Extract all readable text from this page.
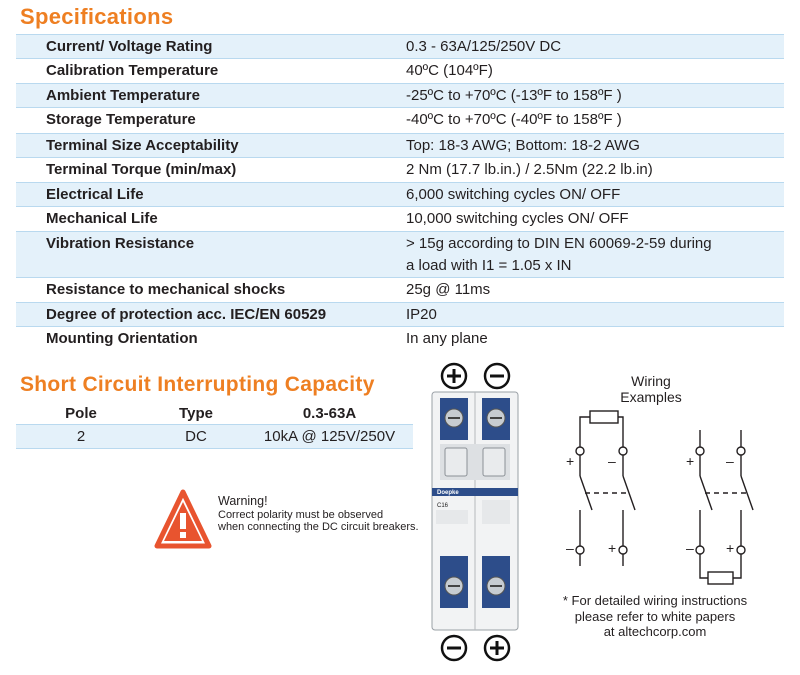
Specifications
Current/ Voltage Rating	0.3 - 63A/125/250V DC
Calibration Temperature	40ºC (104ºF)
Ambient Temperature	-25ºC to +70ºC (-13ºF to 158ºF )
Storage Temperature	-40ºC to +70ºC (-40ºF to 158ºF )
Terminal Size Acceptability	Top: 18-3 AWG; Bottom: 18-2 AWG
Terminal Torque (min/max)	2 Nm (17.7 lb.in.) / 2.5Nm (22.2 lb.in)
Electrical Life	6,000 switching cycles ON/ OFF
Mechanical Life	10,000 switching cycles ON/ OFF
Vibration Resistance	> 15g according to DIN EN 60069-2-59 during
a load with I1 = 1.05 x IN
Resistance to mechanical shocks	25g @ 11ms
Degree of protection acc. IEC/EN 60529	IP20
Mounting Orientation	In any plane
Short Circuit Interrupting Capacity
Pole	Type	0.3-63A
2	DC	10kA @ 125V/250V
Warning!
Correct polarity must be observed
when connecting the DC circuit breakers.
Doepke
C16
Wiring
Examples
+ –
– +
+ –
– +
* For detailed wiring instructions
please refer to white papers
at altechcorp.com
